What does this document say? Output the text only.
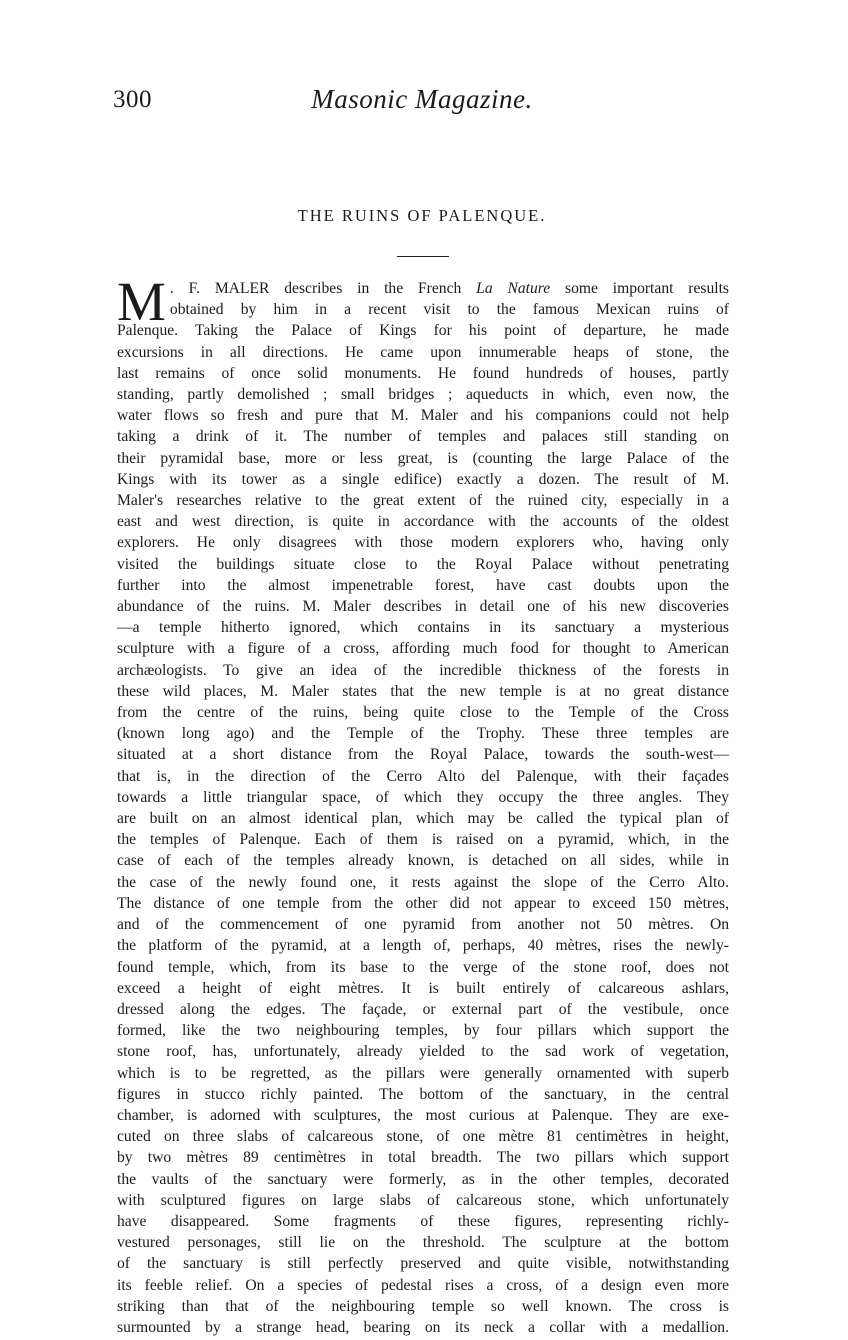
300	Masonic Magazine.
THE RUINS OF PALENQUE.
M . F. MALER describes in the French La Nature some important results
obtained by him in a recent visit to the famous Mexican ruins of
Palenque. Taking the Palace of Kings for his point of departure, he made
excursions in all directions. He came upon innumerable heaps of stone, the
last remains of once solid monuments. He found hundreds of houses, partly
standing, partly demolished ; small bridges ; aqueducts in which, even now, the
water flows so fresh and pure that M. Maler and his companions could not help
taking a drink of it. The number of temples and palaces still standing on
their pyramidal base, more or less great, is (counting the large Palace of the
Kings with its tower as a single edifice) exactly a dozen. The result of M.
Maler's researches relative to the great extent of the ruined city, especially in a
east and west direction, is quite in accordance with the accounts of the oldest
explorers. He only disagrees with those modern explorers who, having only
visited the buildings situate close to the Royal Palace without penetrating
further into the almost impenetrable forest, have cast doubts upon the
abundance of the ruins. M. Maler describes in detail one of his new discoveries
—a temple hitherto ignored, which contains in its sanctuary a mysterious
sculpture with a figure of a cross, affording much food for thought to American
archæologists. To give an idea of the incredible thickness of the forests in
these wild places, M. Maler states that the new temple is at no great distance
from the centre of the ruins, being quite close to the Temple of the Cross
(known long ago) and the Temple of the Trophy. These three temples are
situated at a short distance from the Royal Palace, towards the south-west—
that is, in the direction of the Cerro Alto del Palenque, with their façades
towards a little triangular space, of which they occupy the three angles. They
are built on an almost identical plan, which may be called the typical plan of
the temples of Palenque. Each of them is raised on a pyramid, which, in the
case of each of the temples already known, is detached on all sides, while in
the case of the newly found one, it rests against the slope of the Cerro Alto.
The distance of one temple from the other did not appear to exceed 150 mètres,
and of the commencement of one pyramid from another not 50 mètres. On
the platform of the pyramid, at a length of, perhaps, 40 mètres, rises the newly-
found temple, which, from its base to the verge of the stone roof, does not
exceed a height of eight mètres. It is built entirely of calcareous ashlars,
dressed along the edges. The façade, or external part of the vestibule, once
formed, like the two neighbouring temples, by four pillars which support the
stone roof, has, unfortunately, already yielded to the sad work of vegetation,
which is to be regretted, as the pillars were generally ornamented with superb
figures in stucco richly painted. The bottom of the sanctuary, in the central
chamber, is adorned with sculptures, the most curious at Palenque. They are exe-
cuted on three slabs of calcareous stone, of one mètre 81 centimètres in height,
by two mètres 89 centimètres in total breadth. The two pillars which support
the vaults of the sanctuary were formerly, as in the other temples, decorated
with sculptured figures on large slabs of calcareous stone, which unfortunately
have disappeared. Some fragments of these figures, representing richly-
vestured personages, still lie on the threshold. The sculpture at the bottom
of the sanctuary is still perfectly preserved and quite visible, notwithstanding
its feeble relief. On a species of pedestal rises a cross, of a design even more
striking than that of the neighbouring temple so well known. The cross is
surmounted by a strange head, bearing on its neck a collar with a medallion.
